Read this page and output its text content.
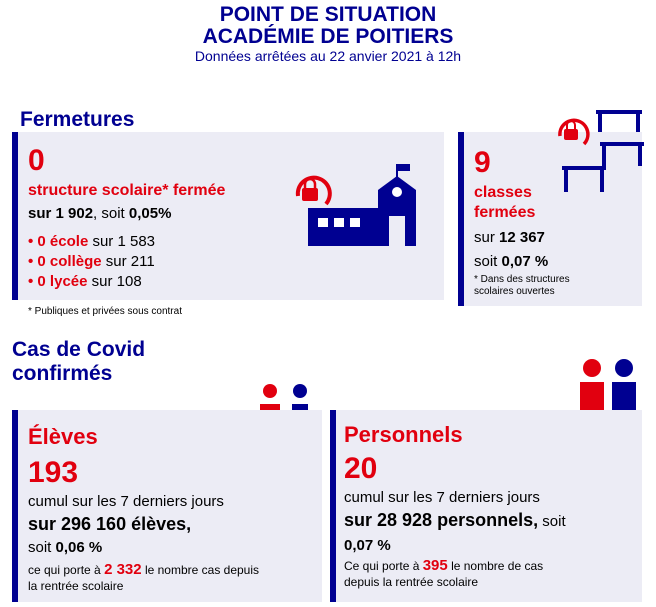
POINT DE SITUATION
ACADÉMIE DE POITIERS
Données arrêtées au 22 anvier 2021 à 12h
Fermetures
0
structure scolaire* fermée
sur 1 902, soit 0,05%
• 0 école sur 1 583
• 0 collège sur 211
• 0 lycée sur 108
* Publiques et privées sous contrat
9
classes
fermées
sur 12 367
soit 0,07 %
* Dans des structures
scolaires ouvertes
Cas de Covid
confirmés
Élèves
193
cumul sur les 7 derniers jours
sur 296 160 élèves,
soit 0,06 %
ce qui porte à 2 332 le nombre cas depuis
la rentrée scolaire
Personnels
20
cumul sur les 7 derniers jours
sur 28 928 personnels, soit
0,07 %
Ce qui porte à 395 le nombre de cas
depuis la rentrée scolaire
